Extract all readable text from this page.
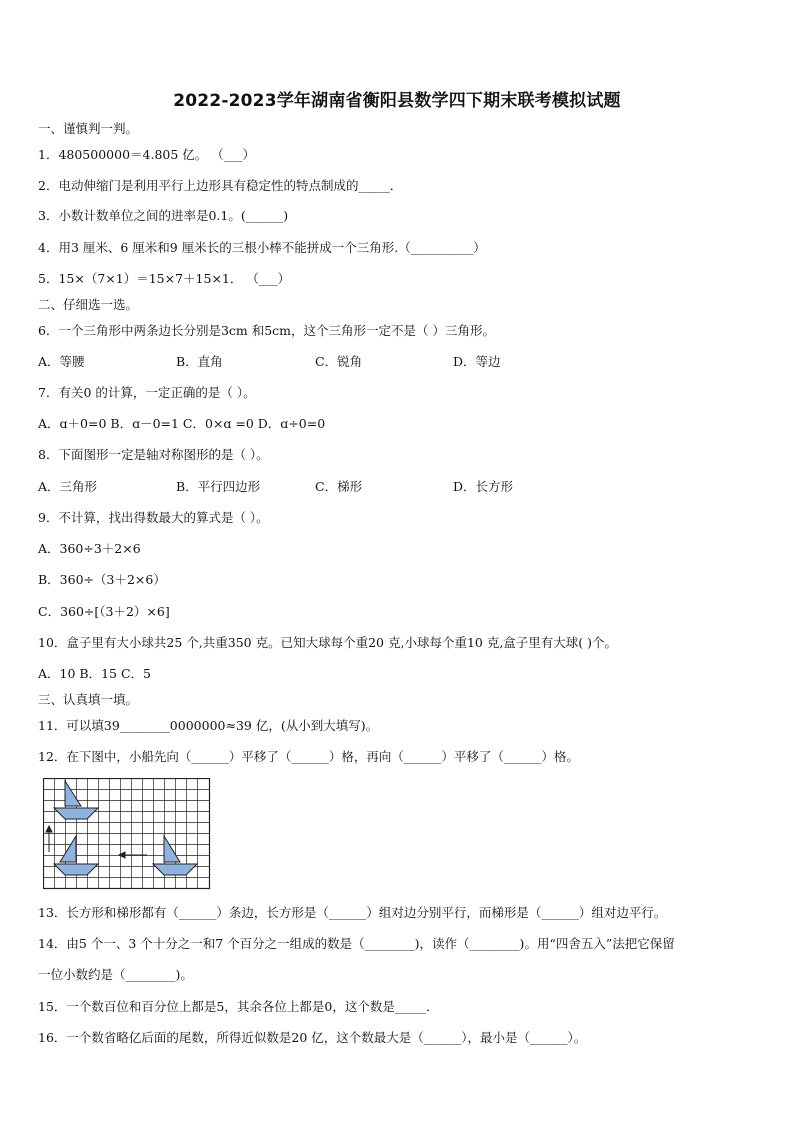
2022-2023学年湖南省衡阳县数学四下期末联考模拟试题
一、谨慎判一判。
1．480500000＝4.805 亿。 （___）
2．电动伸缩门是利用平行上边形具有稳定性的特点制成的_____．
3．小数计数单位之间的进率是0.1。(______)
4．用3 厘米、6 厘米和9 厘米长的三根小棒不能拼成一个三角形.（__________）
5．15×（7×1）＝15×7＋15×1． （___）
二、仔细选一选。
6．一个三角形中两条边长分别是3cm 和5cm，这个三角形一定不是（ ）三角形。
A．等腰	B．直角	C．锐角	D．等边
7．有关0 的计算，一定正确的是（ ）。
A．ɑ＋0=0 B．ɑ－0=1 C．0×ɑ =0 D．ɑ÷0=0
8．下面图形一定是轴对称图形的是（ ）。
A．三角形	B．平行四边形	C．梯形	D．长方形
9．不计算，找出得数最大的算式是（ ）。
A．360÷3＋2×6
B．360÷（3＋2×6）
C．360÷[（3＋2）×6]
10．盒子里有大小球共25 个,共重350 克。已知大球每个重20 克,小球每个重10 克,盒子里有大球( )个。
A．10 B．15 C．5
三、认真填一填。
11．可以填39________0000000≈39 亿，(从小到大填写)。
12．在下图中，小船先向（______）平移了（______）格，再向（______）平移了（______）格。
13．长方形和梯形都有（______）条边，长方形是（______）组对边分别平行，而梯形是（______）组对边平行。
14．由5 个一、3 个十分之一和7 个百分之一组成的数是（________)，读作（________)。用“四舍五入”法把它保留
一位小数约是（________)。
15．一个数百位和百分位上都是5，其余各位上都是0，这个数是_____．
16．一个数省略亿后面的尾数，所得近似数是20 亿，这个数最大是（______），最小是（______）。
